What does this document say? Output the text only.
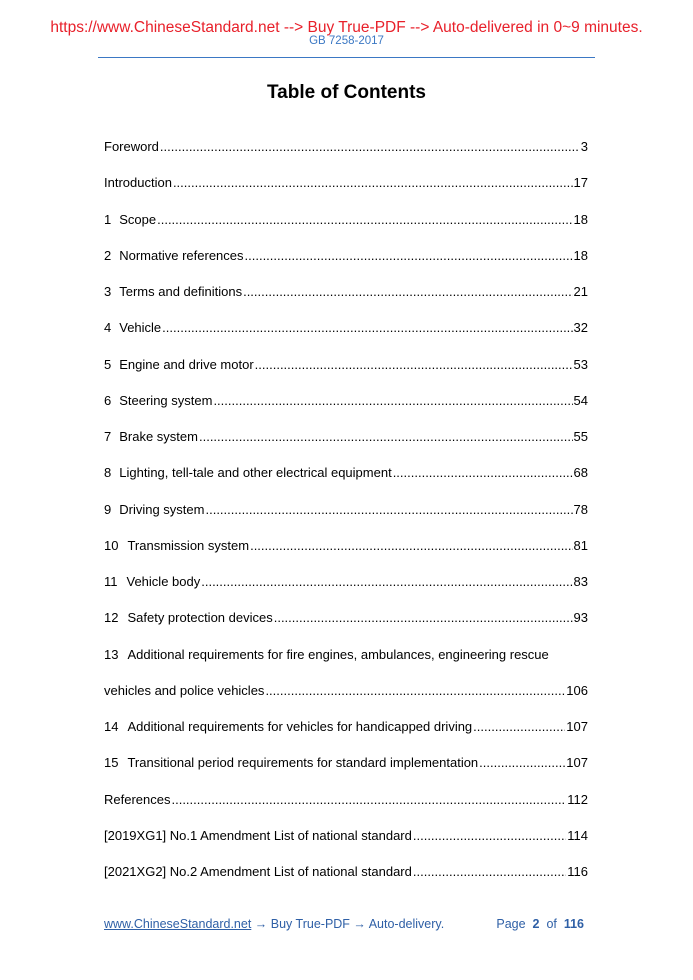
https://www.ChineseStandard.net --> Buy True-PDF --> Auto-delivered in 0~9 minutes.
GB 7258-2017
Table of Contents
Foreword .....	3
Introduction .....	17
1 Scope .....	18
2 Normative references .....	18
3 Terms and definitions .....	21
4 Vehicle .....	32
5 Engine and drive motor .....	53
6 Steering system .....	54
7 Brake system .....	55
8 Lighting, tell-tale and other electrical equipment .....	68
9 Driving system .....	78
10 Transmission system .....	81
11 Vehicle body .....	83
12 Safety protection devices .....	93
13 Additional requirements for fire engines, ambulances, engineering rescue
vehicles and police vehicles .....	106
14 Additional requirements for vehicles for handicapped driving .....	107
15 Transitional period requirements for standard implementation .....	107
References .....	112
[2019XG1] No.1 Amendment List of national standard .....	114
[2021XG2] No.2 Amendment List of national standard .....	116
www.ChineseStandard.net → Buy True-PDF → Auto-delivery.	Page 2 of 116
